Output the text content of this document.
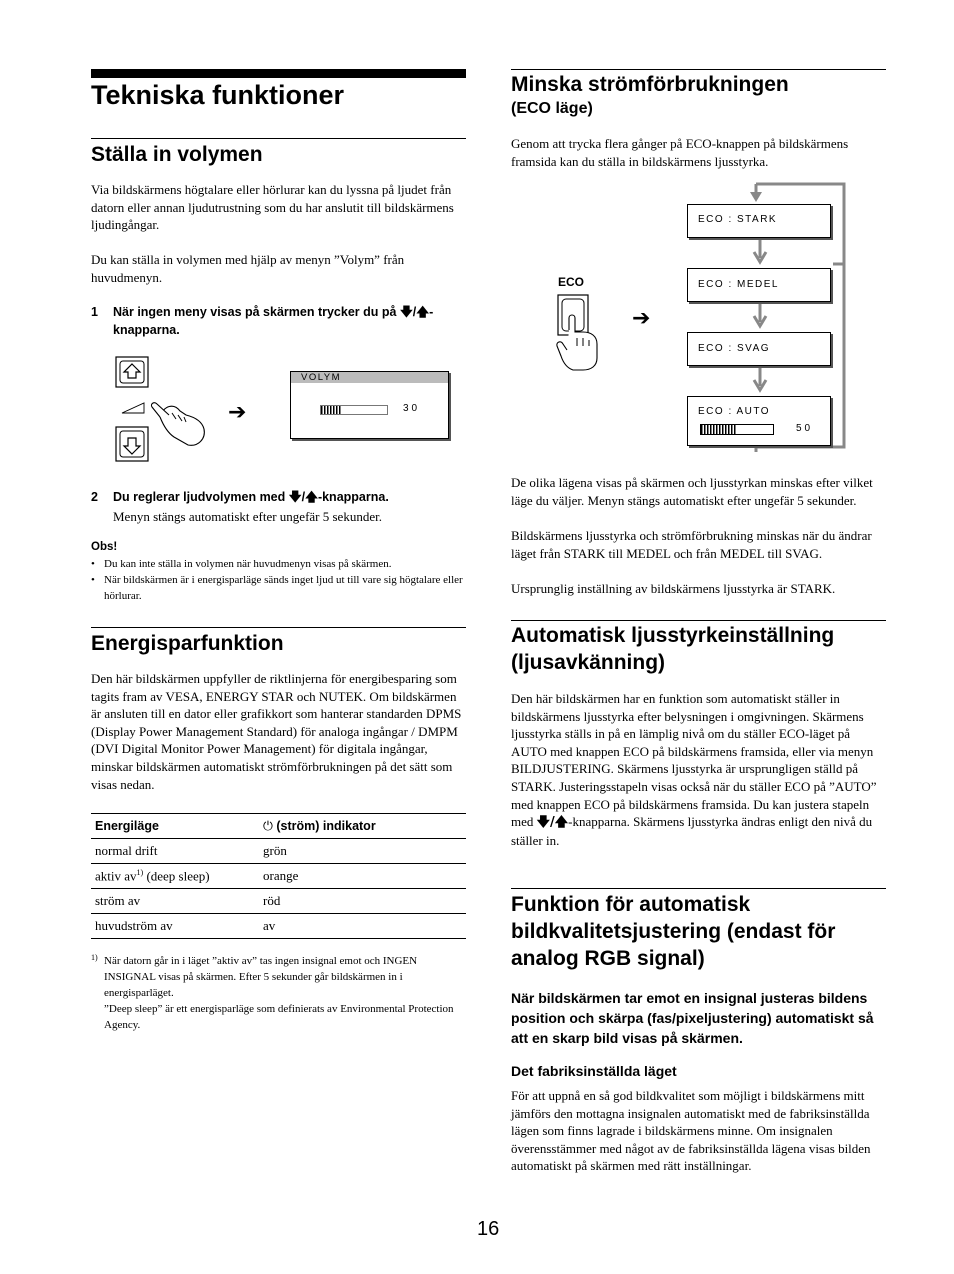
Tekniska funktioner
Ställa in volymen

Via bildskärmens högtalare eller hörlurar kan du lyssna på ljudet från datorn eller annan ljudutrustning som du har anslutit till bildskärmens ljudingångar.

Du kan ställa in volymen med hjälp av menyn ”Volym” från huvudmenyn.

1 När ingen meny visas på skärmen trycker du på 🡇/🡅-knapparna.
➔
VOLYM
30
2 Du reglerar ljudvolymen med 🡇/🡅-knapparna.

Menyn stängs automatiskt efter ungefär 5 sekunder.

Obs!
• Du kan inte ställa in volymen när huvudmenyn visas på skärmen.
• När bildskärmen är i energisparläge sänds inget ljud ut till vare sig högtalare eller hörlurar.
Energisparfunktion

Den här bildskärmen uppfyller de riktlinjerna för energibesparing som tagits fram av VESA, ENERGY STAR och NUTEK. Om bildskärmen är ansluten till en dator eller grafikkort som hanterar standarden DPMS (Display Power Management Standard) för analoga ingångar / DMPM (DVI Digital Monitor Power Management) för digitala ingångar, minskar bildskärmen automatiskt strömförbrukningen på det sätt som visas nedan.

Energiläge	⏻ (ström) indikator
normal drift	grön
aktiv $av^{1)}$ (deep sleep)	orange
ström av	röd
huvudström av	av
1) När datorn går in i läget ”aktiv av” tas ingen insignal emot och INGEN INSIGNAL visas på skärmen. Efter 5 sekunder går bildskärmen in i energisparläget.
”Deep sleep” är ett energisparläge som definierats av Environmental Protection Agency.
Minska strömförbrukningen
(ECO läge)

Genom att trycka flera gånger på ECO-knappen på bildskärmens framsida kan du ställa in bildskärmens ljusstyrka.

ECO
➔
ECO : STARK
ECO : MEDEL
ECO : SVAG
ECO : AUTO
50

De olika lägena visas på skärmen och ljusstyrkan minskas efter vilket läge du väljer. Menyn stängs automatiskt efter ungefär 5 sekunder.

Bildskärmens ljusstyrka och strömförbrukning minskas när du ändrar läget från STARK till MEDEL och från MEDEL till SVAG.

Ursprunglig inställning av bildskärmens ljusstyrka är STARK.

Automatisk ljusstyrkeinställning (ljusavkänning)

Den här bildskärmen har en funktion som automatiskt ställer in bildskärmens ljusstyrka efter belysningen i omgivningen. Skärmens ljusstyrka ställs in på en lämplig nivå om du ställer ECO-läget på AUTO med knappen ECO på bildskärmens framsida, eller via menyn BILDJUSTERING. Skärmens ljusstyrka är ursprungligen ställd på STARK. Justeringsstapeln visas också när du ställer ECO på ”AUTO” med knappen ECO på bildskärmens framsida. Du kan justera stapeln med 🡇/🡅-knapparna. Skärmens ljusstyrka ändras enligt den nivå du ställer in.

Funktion för automatisk bildkvalitetsjustering (endast för analog RGB signal)
När bildskärmen tar emot en insignal justeras bildens position och skärpa (fas/pixeljustering) automatiskt så att en skarp bild visas på skärmen.
Det fabriksinställda läget

För att uppnå en så god bildkvalitet som möjligt i bildskärmens mitt jämförs den mottagna insignalen automatiskt med de fabriksinställda lägen som finns lagrade i bildskärmens minne. Om insignalen överensstämmer med något av de fabriksinställda lägena visas bilden automatiskt på skärmen med rätt inställningar.

16
